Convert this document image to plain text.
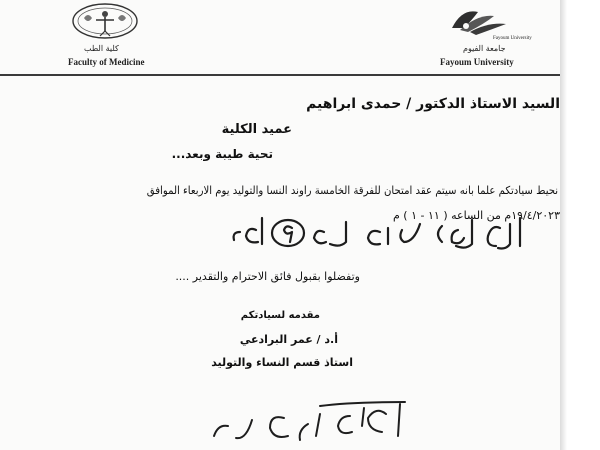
كلية الطب
Faculty of Medicine
Fayoum University
جامعة الفيوم
Fayoum University
السيد الاستاذ الدكتور / حمدى ابراهيم
عميد الكلية
تحية طيبة وبعد...
نحيط سيادتكم علما بانه سيتم عقد امتحان للفرقة الخامسة راوند النسا والتوليد يوم الاربعاء الموافق
١٩/٤/٢٠٢٣م من الساعه ( ١١ - ١ ) م
وتفضلوا بقبول فائق الاحترام والتقدير ....
مقدمه لسيادتكم
أ.د / عمر البرادعي
استاذ قسم النساء والتوليد
